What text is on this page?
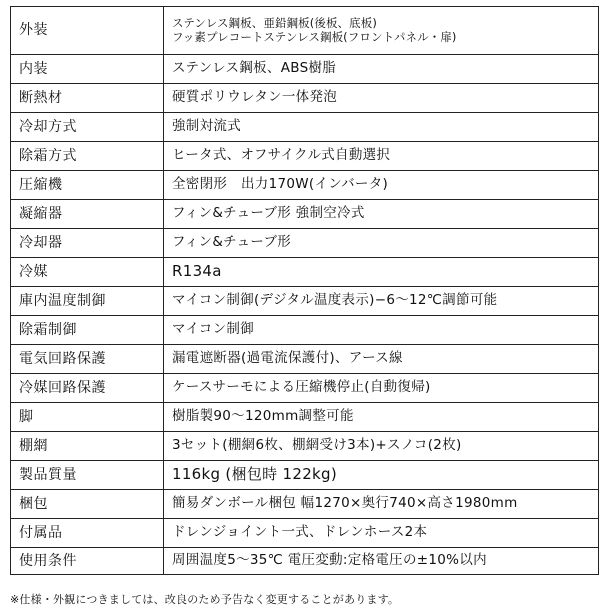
外装	ステンレス鋼板、亜鉛鋼板(後板、底板)
フッ素プレコートステンレス鋼板(フロントパネル・扉)

内装	ステンレス鋼板、ABS樹脂
断熱材	硬質ポリウレタン一体発泡
冷却方式	強制対流式
除霜方式	ヒータ式、オフサイクル式自動選択
圧縮機	全密閉形　出力170W(インバータ)
凝縮器	フィン&チューブ形 強制空冷式
冷却器	フィン&チューブ形
冷媒	R134a
庫内温度制御	マイコン制御(デジタル温度表示)−6〜12℃調節可能
除霜制御	マイコン制御
電気回路保護	漏電遮断器(過電流保護付)、アース線
冷媒回路保護	ケースサーモによる圧縮機停止(自動復帰)
脚	樹脂製90〜120mm調整可能
棚網	3セット(棚網6枚、棚網受け3本)+スノコ(2枚)
製品質量	116kg (梱包時 122kg)
梱包	簡易ダンボール梱包 幅1270×奥行740×高さ1980mm
付属品	ドレンジョイント一式、ドレンホース2本
使用条件	周囲温度5〜35℃ 電圧変動:定格電圧の±10%以内
※仕様・外観につきましては、改良のため予告なく変更することがあります。
